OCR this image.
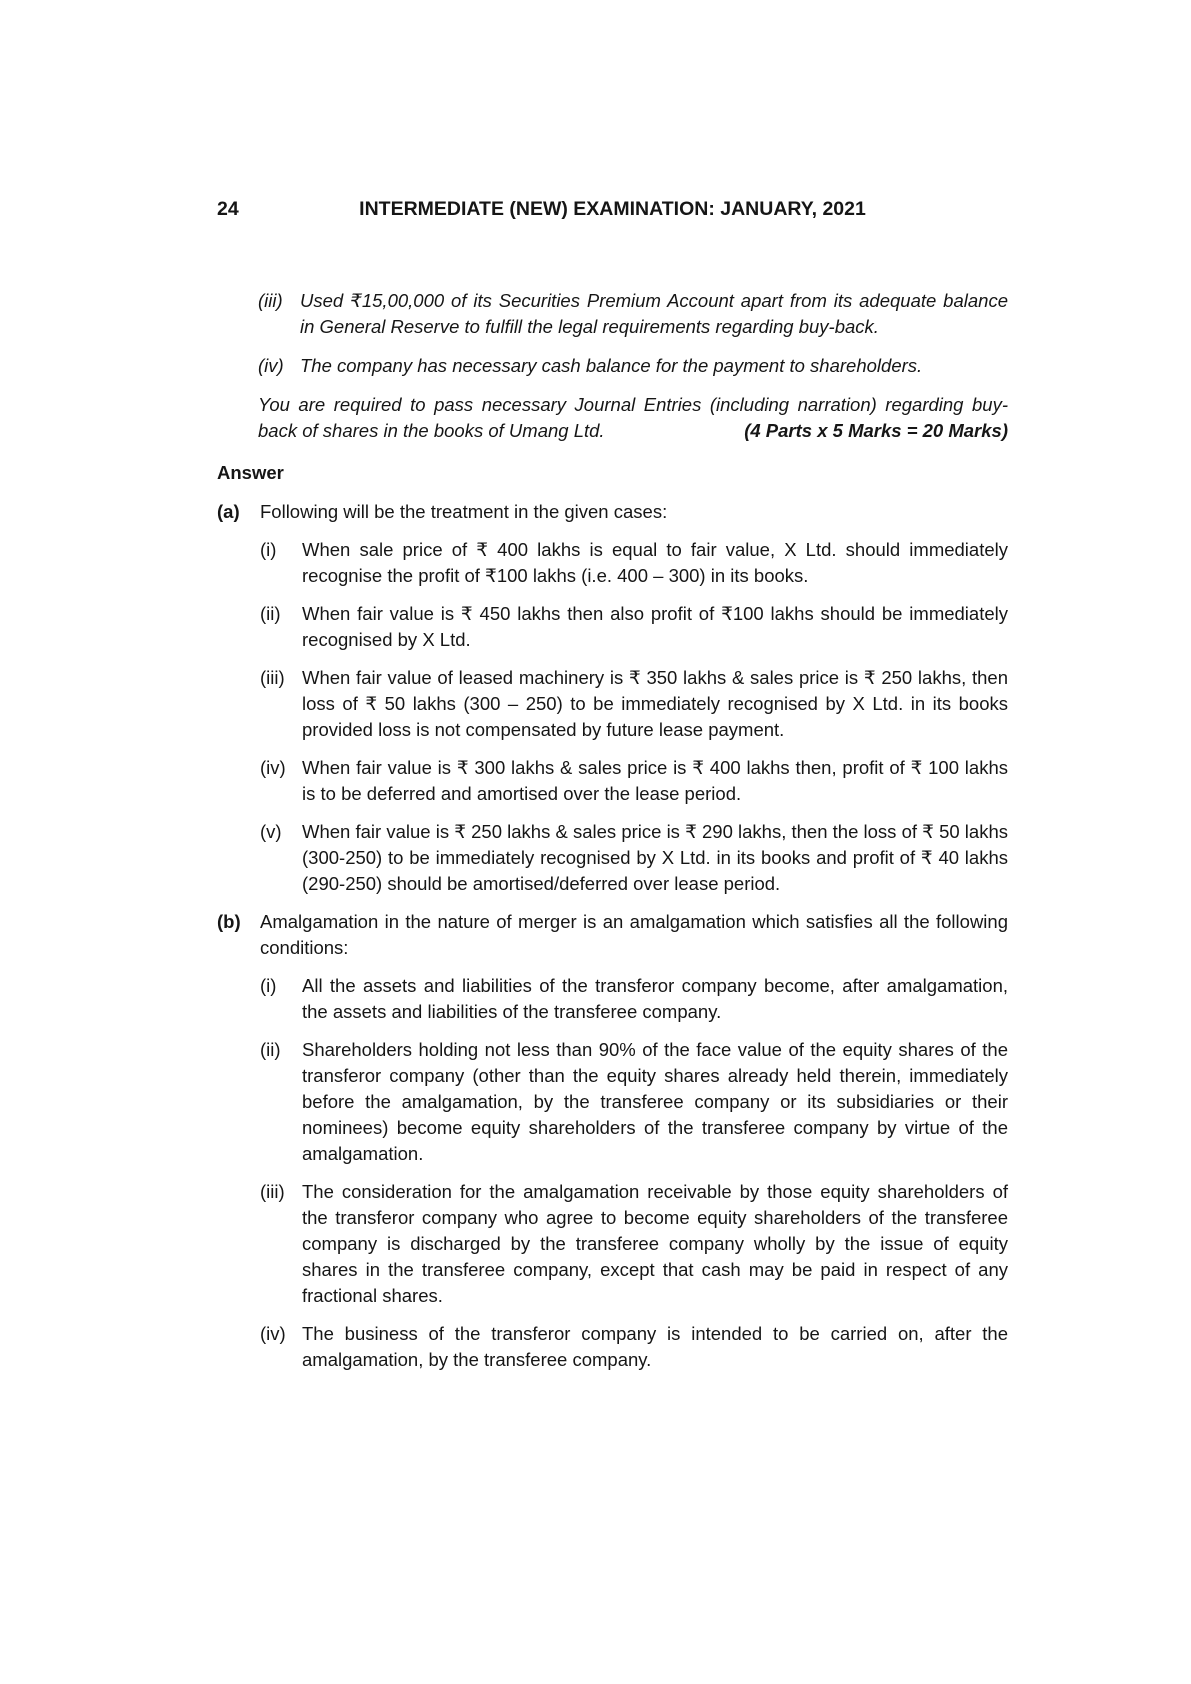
24	INTERMEDIATE (NEW) EXAMINATION: JANUARY, 2021
(iii) Used ₹15,00,000 of its Securities Premium Account apart from its adequate balance in General Reserve to fulfill the legal requirements regarding buy-back.
(iv) The company has necessary cash balance for the payment to shareholders.
You are required to pass necessary Journal Entries (including narration) regarding buy-back of shares in the books of Umang Ltd.	(4 Parts x 5 Marks = 20 Marks)
Answer
(a)	Following will be the treatment in the given cases:
(i)	When sale price of ₹ 400 lakhs is equal to fair value, X Ltd. should immediately recognise the profit of ₹100 lakhs (i.e. 400 – 300) in its books.
(ii)	When fair value is ₹ 450 lakhs then also profit of ₹100 lakhs should be immediately recognised by X Ltd.
(iii) When fair value of leased machinery is ₹ 350 lakhs & sales price is ₹ 250 lakhs, then loss of ₹ 50 lakhs (300 – 250) to be immediately recognised by X Ltd. in its books provided loss is not compensated by future lease payment.
(iv) When fair value is ₹ 300 lakhs & sales price is ₹ 400 lakhs then, profit of ₹ 100 lakhs is to be deferred and amortised over the lease period.
(v)	When fair value is ₹ 250 lakhs & sales price is ₹ 290 lakhs, then the loss of ₹ 50 lakhs (300-250) to be immediately recognised by X Ltd. in its books and profit of ₹ 40 lakhs (290-250) should be amortised/deferred over lease period.
(b)	Amalgamation in the nature of merger is an amalgamation which satisfies all the following conditions:
(i)	All the assets and liabilities of the transferor company become, after amalgamation, the assets and liabilities of the transferee company.
(ii)	Shareholders holding not less than 90% of the face value of the equity shares of the transferor company (other than the equity shares already held therein, immediately before the amalgamation, by the transferee company or its subsidiaries or their nominees) become equity shareholders of the transferee company by virtue of the amalgamation.
(iii) The consideration for the amalgamation receivable by those equity shareholders of the transferor company who agree to become equity shareholders of the transferee company is discharged by the transferee company wholly by the issue of equity shares in the transferee company, except that cash may be paid in respect of any fractional shares.
(iv) The business of the transferor company is intended to be carried on, after the amalgamation, by the transferee company.
